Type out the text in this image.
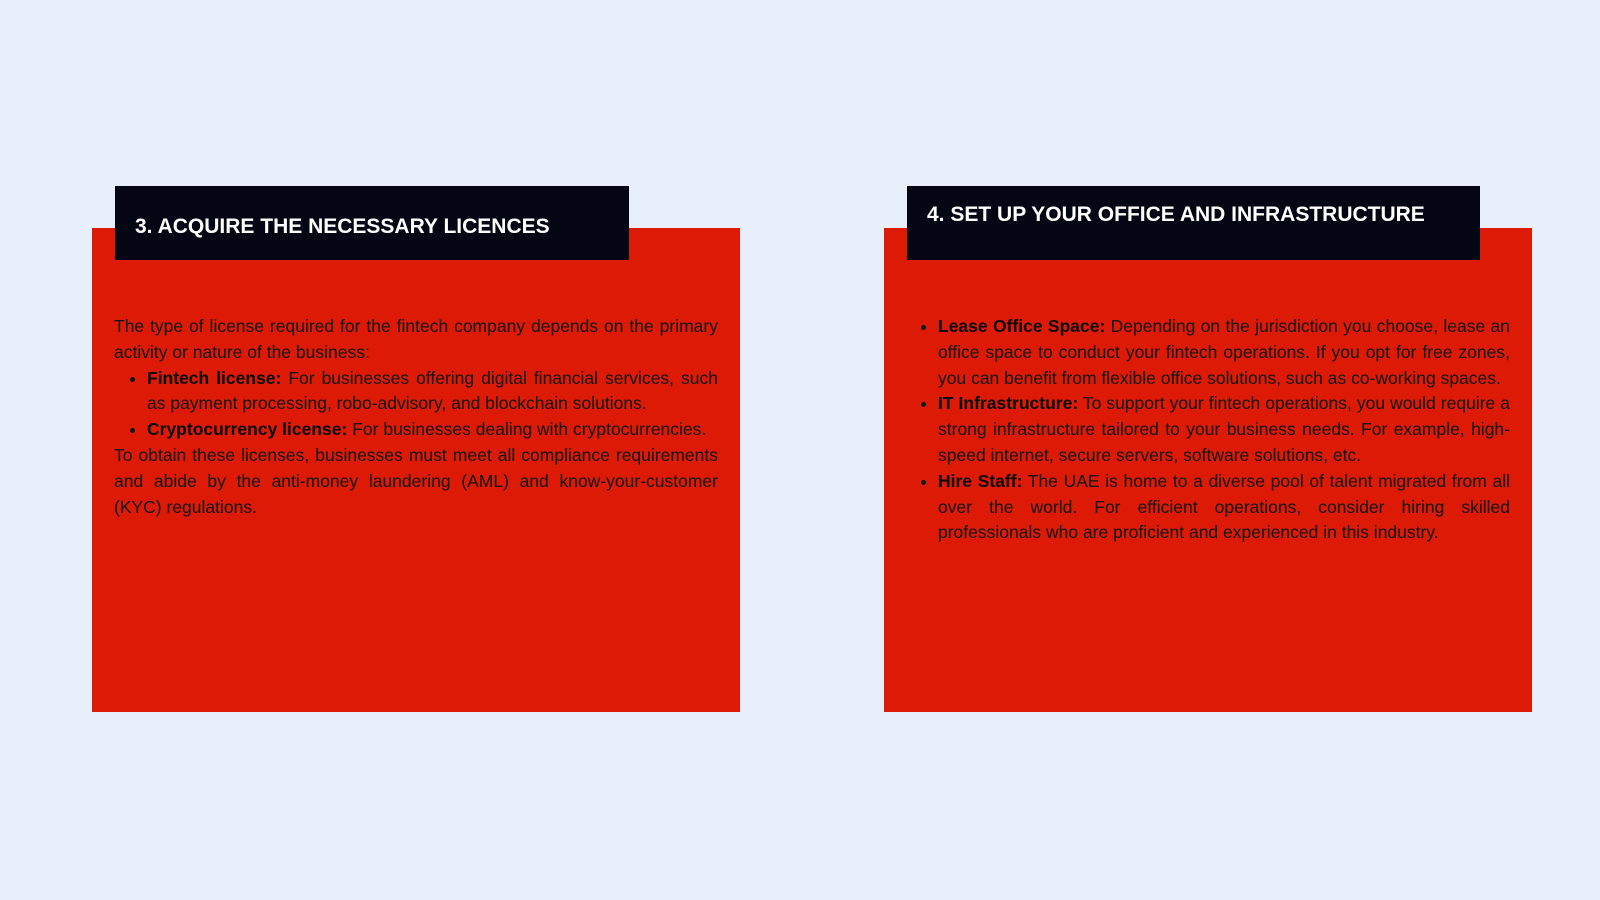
3. ACQUIRE THE NECESSARY LICENCES

The type of license required for the fintech company depends on the primary activity or nature of the business:

• Fintech license: For businesses offering digital financial services, such as payment processing, robo-advisory, and blockchain solutions.
• Cryptocurrency license: For businesses dealing with cryptocurrencies.

To obtain these licenses, businesses must meet all compliance requirements and abide by the anti-money laundering (AML) and know-your-customer (KYC) regulations.

4. SET UP YOUR OFFICE AND INFRASTRUCTURE
• Lease Office Space: Depending on the jurisdiction you choose, lease an office space to conduct your fintech operations. If you opt for free zones, you can benefit from flexible office solutions, such as co-working spaces.
• IT Infrastructure: To support your fintech operations, you would require a strong infrastructure tailored to your business needs. For example, high-speed internet, secure servers, software solutions, etc.
• Hire Staff: The UAE is home to a diverse pool of talent migrated from all over the world. For efficient operations, consider hiring skilled professionals who are proficient and experienced in this industry.
